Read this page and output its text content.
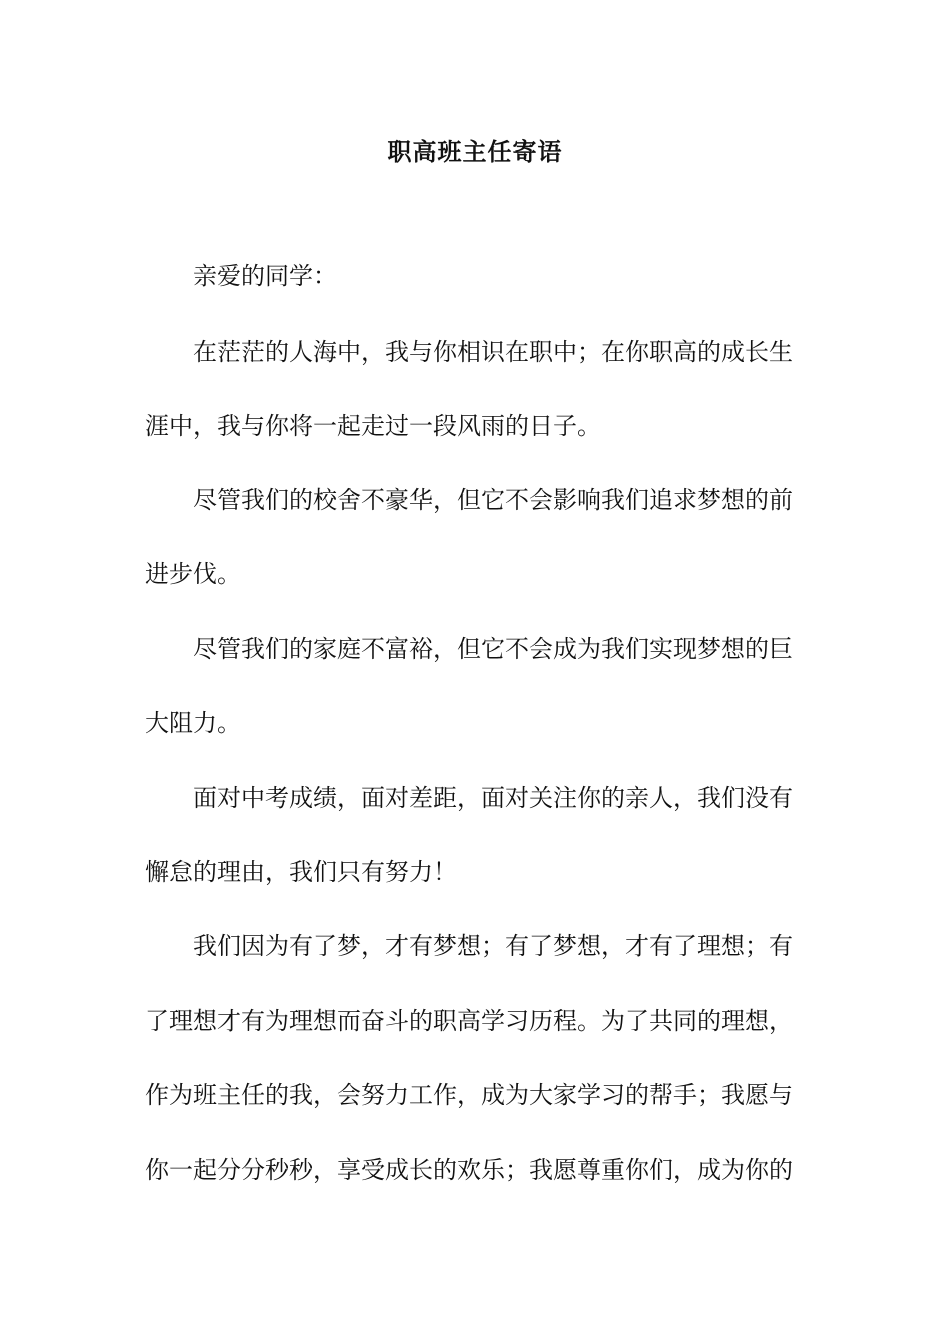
职高班主任寄语

亲爱的同学：

在茫茫的人海中，我与你相识在职中；在你职高的成长生

涯中，我与你将一起走过一段风雨的日子。

尽管我们的校舍不豪华，但它不会影响我们追求梦想的前

进步伐。

尽管我们的家庭不富裕，但它不会成为我们实现梦想的巨

大阻力。

面对中考成绩，面对差距，面对关注你的亲人，我们没有

懈怠的理由，我们只有努力！

我们因为有了梦，才有梦想；有了梦想，才有了理想；有

了理想才有为理想而奋斗的职高学习历程。为了共同的理想，

作为班主任的我，会努力工作，成为大家学习的帮手；我愿与

你一起分分秒秒，享受成长的欢乐；我愿尊重你们，成为你的
